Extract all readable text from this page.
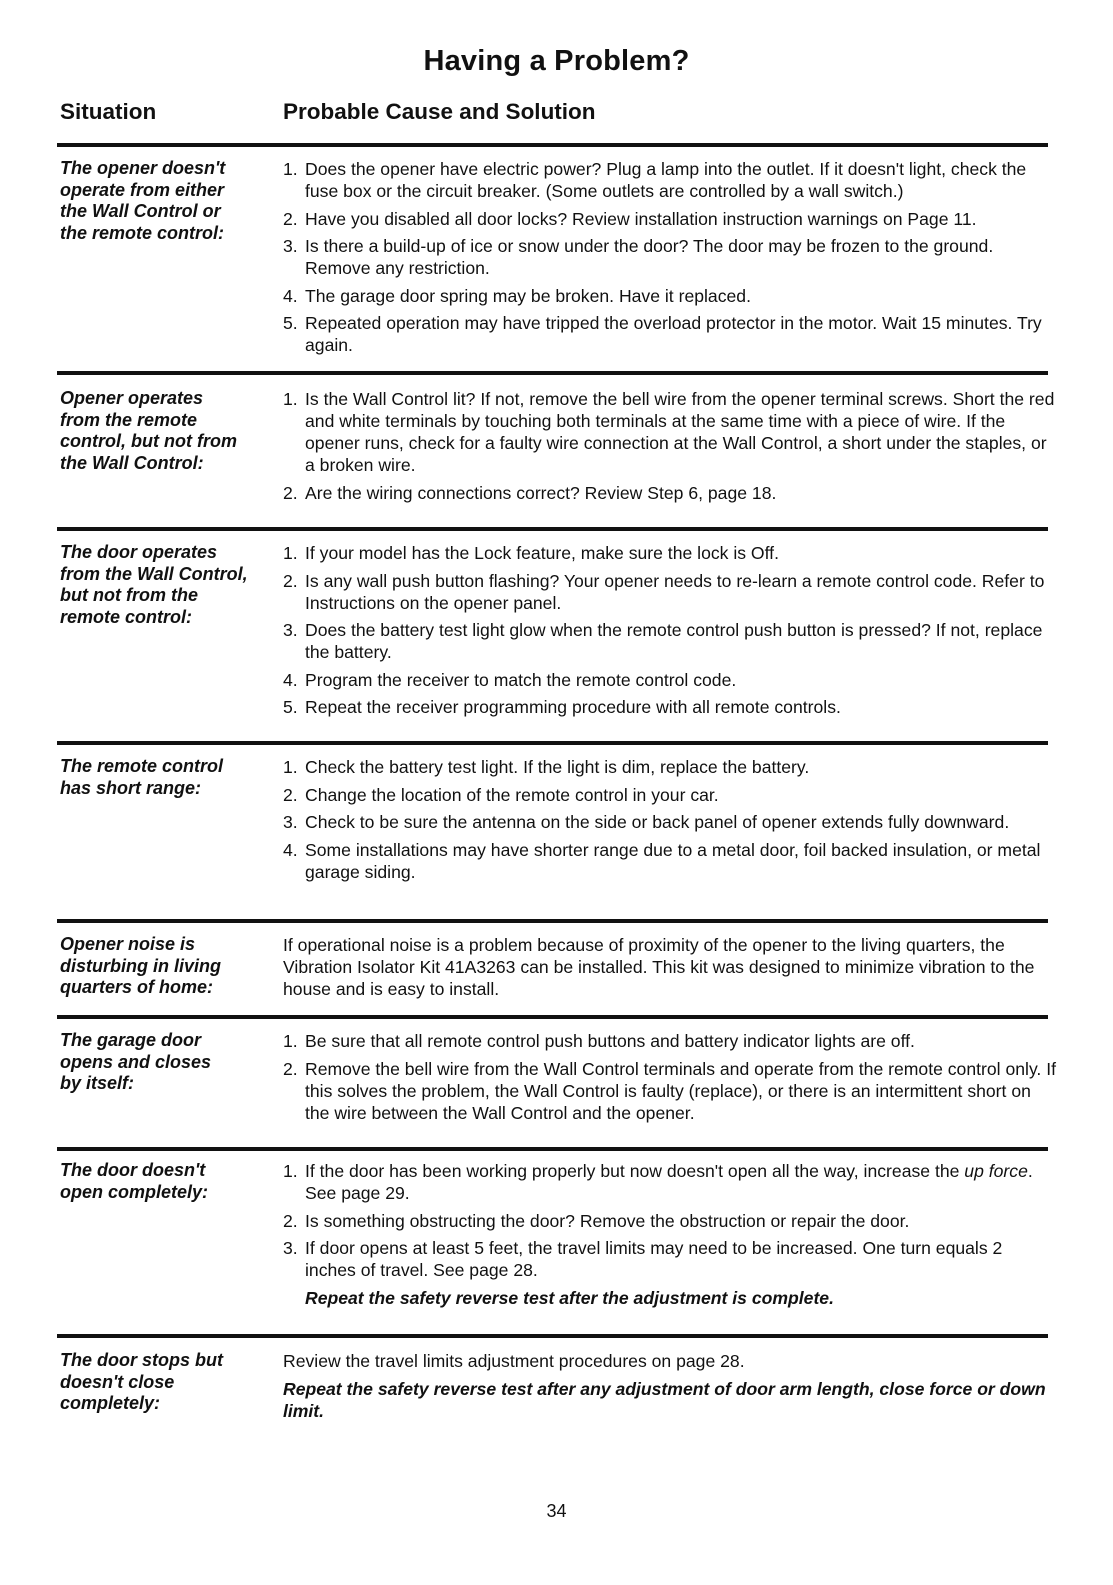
Having a Problem?
Situation	Probable Cause and Solution
The opener doesn't
operate from either
the Wall Control or
the remote control:
1. Does the opener have electric power? Plug a lamp into the outlet. If it doesn't light, check the fuse box or the circuit breaker. (Some outlets are controlled by a wall switch.)
2. Have you disabled all door locks? Review installation instruction warnings on Page 11.
3. Is there a build-up of ice or snow under the door? The door may be frozen to the ground. Remove any restriction.
4. The garage door spring may be broken. Have it replaced.
5. Repeated operation may have tripped the overload protector in the motor. Wait 15 minutes. Try again.
Opener operates
from the remote
control, but not from
the Wall Control:
1. Is the Wall Control lit? If not, remove the bell wire from the opener terminal screws. Short the red and white terminals by touching both terminals at the same time with a piece of wire. If the opener runs, check for a faulty wire connection at the Wall Control, a short under the staples, or a broken wire.
2. Are the wiring connections correct? Review Step 6, page 18.
The door operates
from the Wall Control,
but not from the
remote control:
1. If your model has the Lock feature, make sure the lock is Off.
2. Is any wall push button flashing? Your opener needs to re-learn a remote control code. Refer to Instructions on the opener panel.
3. Does the battery test light glow when the remote control push button is pressed? If not, replace the battery.
4. Program the receiver to match the remote control code.
5. Repeat the receiver programming procedure with all remote controls.
The remote control
has short range:
1. Check the battery test light. If the light is dim, replace the battery.
2. Change the location of the remote control in your car.
3. Check to be sure the antenna on the side or back panel of opener extends fully downward.
4. Some installations may have shorter range due to a metal door, foil backed insulation, or metal garage siding.
Opener noise is
disturbing in living
quarters of home:

If operational noise is a problem because of proximity of the opener to the living quarters, the Vibration Isolator Kit 41A3263 can be installed. This kit was designed to minimize vibration to the house and is easy to install.

The garage door
opens and closes
by itself:
1. Be sure that all remote control push buttons and battery indicator lights are off.
2. Remove the bell wire from the Wall Control terminals and operate from the remote control only. If this solves the problem, the Wall Control is faulty (replace), or there is an intermittent short on the wire between the Wall Control and the opener.
The door doesn't
open completely:
1. If the door has been working properly but now doesn't open all the way, increase the up force. See page 29.
2. Is something obstructing the door? Remove the obstruction or repair the door.
3. If door opens at least 5 feet, the travel limits may need to be increased. One turn equals 2 inches of travel. See page 28.
Repeat the safety reverse test after the adjustment is complete.
The door stops but
doesn't close
completely:

Review the travel limits adjustment procedures on page 28.

Repeat the safety reverse test after any adjustment of door arm length, close force or down limit.
34
